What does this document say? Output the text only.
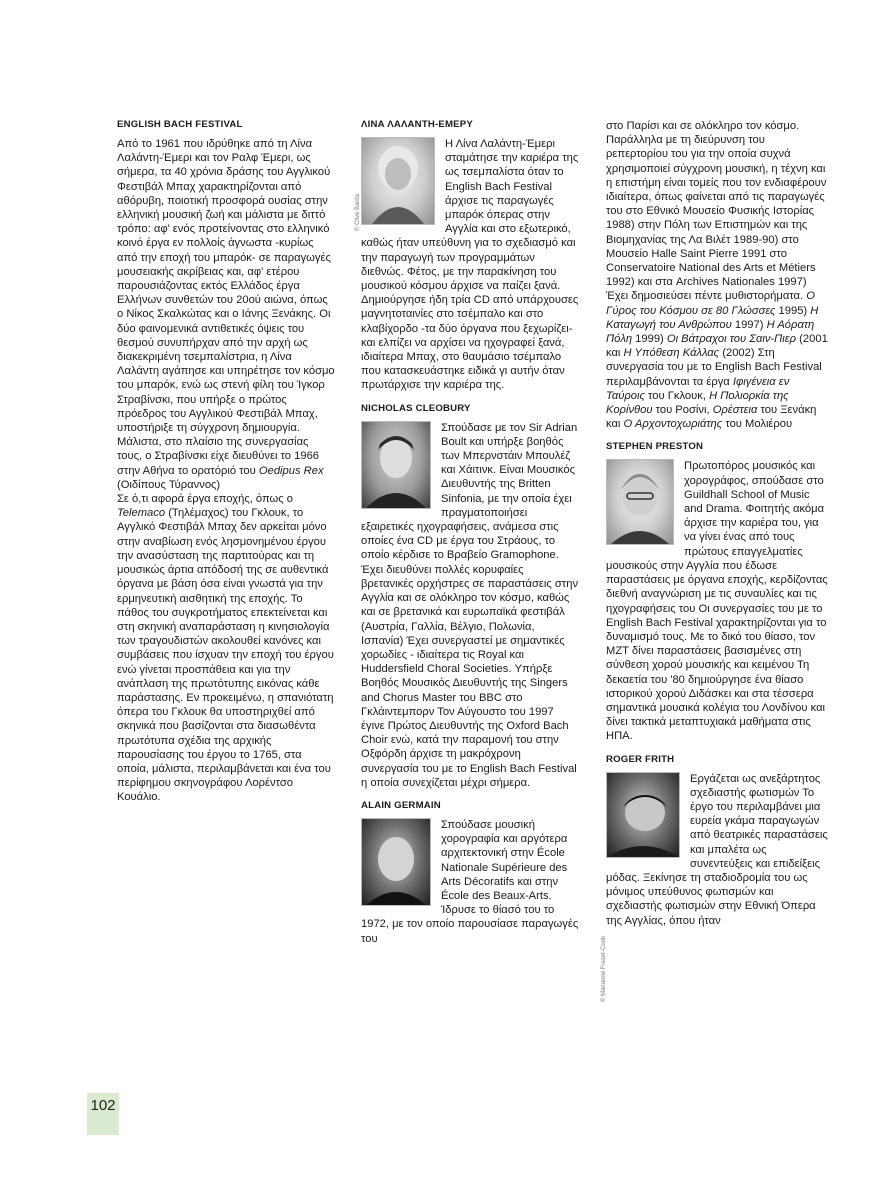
ENGLISH BACH FESTIVAL

Από το 1961 που ιδρύθηκε από τη Λίνα Λαλάντη-Έμερι και τον Ραλφ Έμερι, ως σήμερα, τα 40 χρόνια δράσης του Αγγλικού Φεστιβάλ Μπαχ χαρακτηρίζονται από αθόρυβη, ποιοτική προσφορά ουσίας στην ελληνική μουσική ζωή και μάλιστα με διττό τρόπο: αφ' ενός προτείνοντας στο ελληνικό κοινό έργα εν πολλοίς άγνωστα -κυρίως από την εποχή του μπαρόκ- σε παραγωγές μουσειακής ακρίβειας και, αφ' ετέρου παρουσιάζοντας εκτός Ελλάδος έργα Ελλήνων συνθετών του 20ού αιώνα, όπως ο Νίκος Σκαλκώτας και ο Ιάνης Ξενάκης. Οι δύο φαινομενικά αντιθετικές όψεις του θεσμού συνυπήρχαν από την αρχή ως διακεκριμένη τσεμπαλίστρια, η Λίνα Λαλάντη αγάπησε και υπηρέτησε τον κόσμο του μπαρόκ, ενώ ως στενή φίλη του Ίγκορ Στραβίνσκι, που υπήρξε ο πρώτος πρόεδρος του Αγγλικού Φεστιβάλ Μπαχ, υποστήριξε τη σύγχρονη δημιουργία. Μάλιστα, στο πλαίσιο της συνεργασίας τους, ο Στραβίνσκι είχε διευθύνει το 1966 στην Αθήνα το ορατόριό του Oedipus Rex (Οιδίπους Τύραννος)

Σε ό,τι αφορά έργα εποχής, όπως ο Telemaco (Τηλέμαχος) του Γκλουκ, το Αγγλικό Φεστιβάλ Μπαχ δεν αρκείται μόνο στην αναβίωση ενός λησμονημένου έργου την ανασύσταση της παρτιτούρας και τη μουσικώς άρτια απόδοσή της σε αυθεντικά όργανα με βάση όσα είναι γνωστά για την ερμηνευτική αισθητική της εποχής. Το πάθος του συγκροτήματος επεκτείνεται και στη σκηνική αναπαράσταση η κινησιολογία των τραγουδιστών ακολουθεί κανόνες και συμβάσεις που ίσχυαν την εποχή του έργου ενώ γίνεται προσπάθεια και για την ανάπλαση της πρωτότυπης εικόνας κάθε παράστασης. Εν προκειμένω, η σπανιότατη όπερα του Γκλουκ θα υποστηριχθεί από σκηνικά που βασίζονται στα διασωθέντα πρωτότυπα σχέδια της αρχικής παρουσίασης του έργου το 1765, στα οποία, μάλιστα, περιλαμβάνεται και ένα του περίφημου σκηνογράφου Λορέντσο Κουάλιο.

ΛΙΝΑ ΛΑΛΑΝΤΗ-ΕΜΕΡΥ
© Clive Barda

Η Λίνα Λαλάντη-Έμερι σταμάτησε την καριέρα της ως τσεμπαλίστα όταν το English Bach Festival άρχισε τις παραγωγές μπαρόκ όπερας στην Αγγλία και στο εξωτερικό, καθώς ήταν υπεύθυνη για το σχεδιασμό και την παραγωγή των προγραμμάτων διεθνώς. Φέτος, με την παρακίνηση του μουσικού κόσμου άρχισε να παίζει ξανά. Δημιούργησε ήδη τρία CD από υπάρχουσες μαγνητοταινίες στο τσέμπαλο και στο κλαβίχορδο -τα δύο όργανα που ξεχωρίζει- και ελπίζει να αρχίσει να ηχογραφεί ξανά, ιδιαίτερα Μπαχ, στο θαυμάσιο τσέμπαλο που κατασκευάστηκε ειδικά γι αυτήν όταν πρωτάρχισε την καριέρα της.

NICHOLAS CLEOBURY

Σπούδασε με τον Sir Adrian Boult και υπήρξε βοηθός των Μπερνστάιν Μπουλέζ και Χάιτινκ. Είναι Μουσικός Διευθυντής της Britten Sinfonia, με την οποία έχει πραγματοποιήσει εξαιρετικές ηχογραφήσεις, ανάμεσα στις οποίες ένα CD με έργα του Στράους, το οποίο κέρδισε το Βραβείο Gramophone. Έχει διευθύνει πολλές κορυφαίες βρετανικές ορχήστρες σε παραστάσεις στην Αγγλία και σε ολόκληρο τον κόσμο, καθώς και σε βρετανικά και ευρωπαϊκά φεστιβάλ (Αυστρία, Γαλλία, Βέλγιο, Πολωνία, Ισπανία) Έχει συνεργαστεί με σημαντικές χορωδίες - ιδιαίτερα τις Royal και Huddersfield Choral Societies. Υπήρξε Βοηθός Μουσικός Διευθυντής της Singers and Chorus Master του BBC στο Γκλάιντεμπορν Τον Αύγουστο του 1997 έγινε Πρώτος Διευθυντής της Oxford Bach Choir ενώ, κατά την παραμονή του στην Οξφόρδη άρχισε τη μακρόχρονη συνεργασία του με το English Bach Festival η οποία συνεχίζεται μέχρι σήμερα.

ALAIN GERMAIN

Σπούδασε μουσική χορογραφία και αργότερα αρχιτεκτονική στην École Nationale Supérieure des Arts Décoratifs και στην École des Beaux-Arts. Ίδρυσε το θίασό του το 1972, με τον οποίο παρουσίασε παραγωγές του

στο Παρίσι και σε ολόκληρο τον κόσμο. Παράλληλα με τη διεύρυνση του ρεπερτορίου του για την οποία συχνά χρησιμοποιεί σύγχρονη μουσική, η τέχνη και η επιστήμη είναι τομείς που τον ενδιαφέρουν ιδιαίτερα, όπως φαίνεται από τις παραγωγές του στο Εθνικό Μουσείο Φυσικής Ιστορίας 1988) στην Πόλη των Επιστημών και της Βιομηχανίας της Λα Βιλέτ 1989-90) στο Μουσείο Halle Saint Pierre 1991 στο Conservatoire National des Arts et Métiers 1992) και στα Archives Nationales 1997) Έχει δημοσιεύσει πέντε μυθιστορήματα. Ο Γύρος του Κόσμου σε 80 Γλώσσες 1995) Η Καταγωγή του Ανθρώπου 1997) Η Αόρατη Πόλη 1999) Οι Βάτραχοι του Σαιν-Πιερ (2001 και Η Υπόθεση Κάλλας (2002) Στη συνεργασία του με το English Bach Festival περιλαμβάνονται τα έργα Ιφιγένεια εν Ταύροις του Γκλουκ, Η Πολιορκία της Κορίνθου του Ροσίνι, Ορέστεια του Ξενάκη και Ο Αρχοντοχωριάτης του Μολιέρου

STEPHEN PRESTON

Πρωτοπόρος μουσικός και χορογράφος, σπούδασε στο Guildhall School of Music and Drama. Φοιτητής ακόμα άρχισε την καριέρα του, για να γίνει ένας από τους πρώτους επαγγελματίες μουσικούς στην Αγγλία που έδωσε παραστάσεις με όργανα εποχής, κερδίζοντας διεθνή αναγνώριση με τις συναυλίες και τις ηχογραφήσεις του Οι συνεργασίες του με το English Bach Festival χαρακτηρίζονται για το δυναμισμό τους. Με το δικό του θίασο, τον MZT δίνει παραστάσεις βασισμένες στη σύνθεση χορού μουσικής και κειμένου Τη δεκαετία του '80 δημιούργησε ένα θίασο ιστορικού χορού Διδάσκει και στα τέσσερα σημαντικά μουσικά κολέγια του Λονδίνου και δίνει τακτικά μεταπτυχιακά μαθήματα στις ΗΠΑ.

ROGER FRITH

Εργάζεται ως ανεξάρτητος σχεδιαστής φωτισμών Το έργο του περιλαμβάνει μια ευρεία γκάμα παραγωγών από θεατρικές παραστάσεις και μπαλέτα ως συνεντεύξεις και επιδείξεις μόδας. Ξεκίνησε τη σταδιοδρομία του ως μόνιμος υπεύθυνος φωτισμών και σχεδιαστής φωτισμών στην Εθνική Όπερα της Αγγλίας, όπου ήταν

© Marianne Fraser-Cook
102
